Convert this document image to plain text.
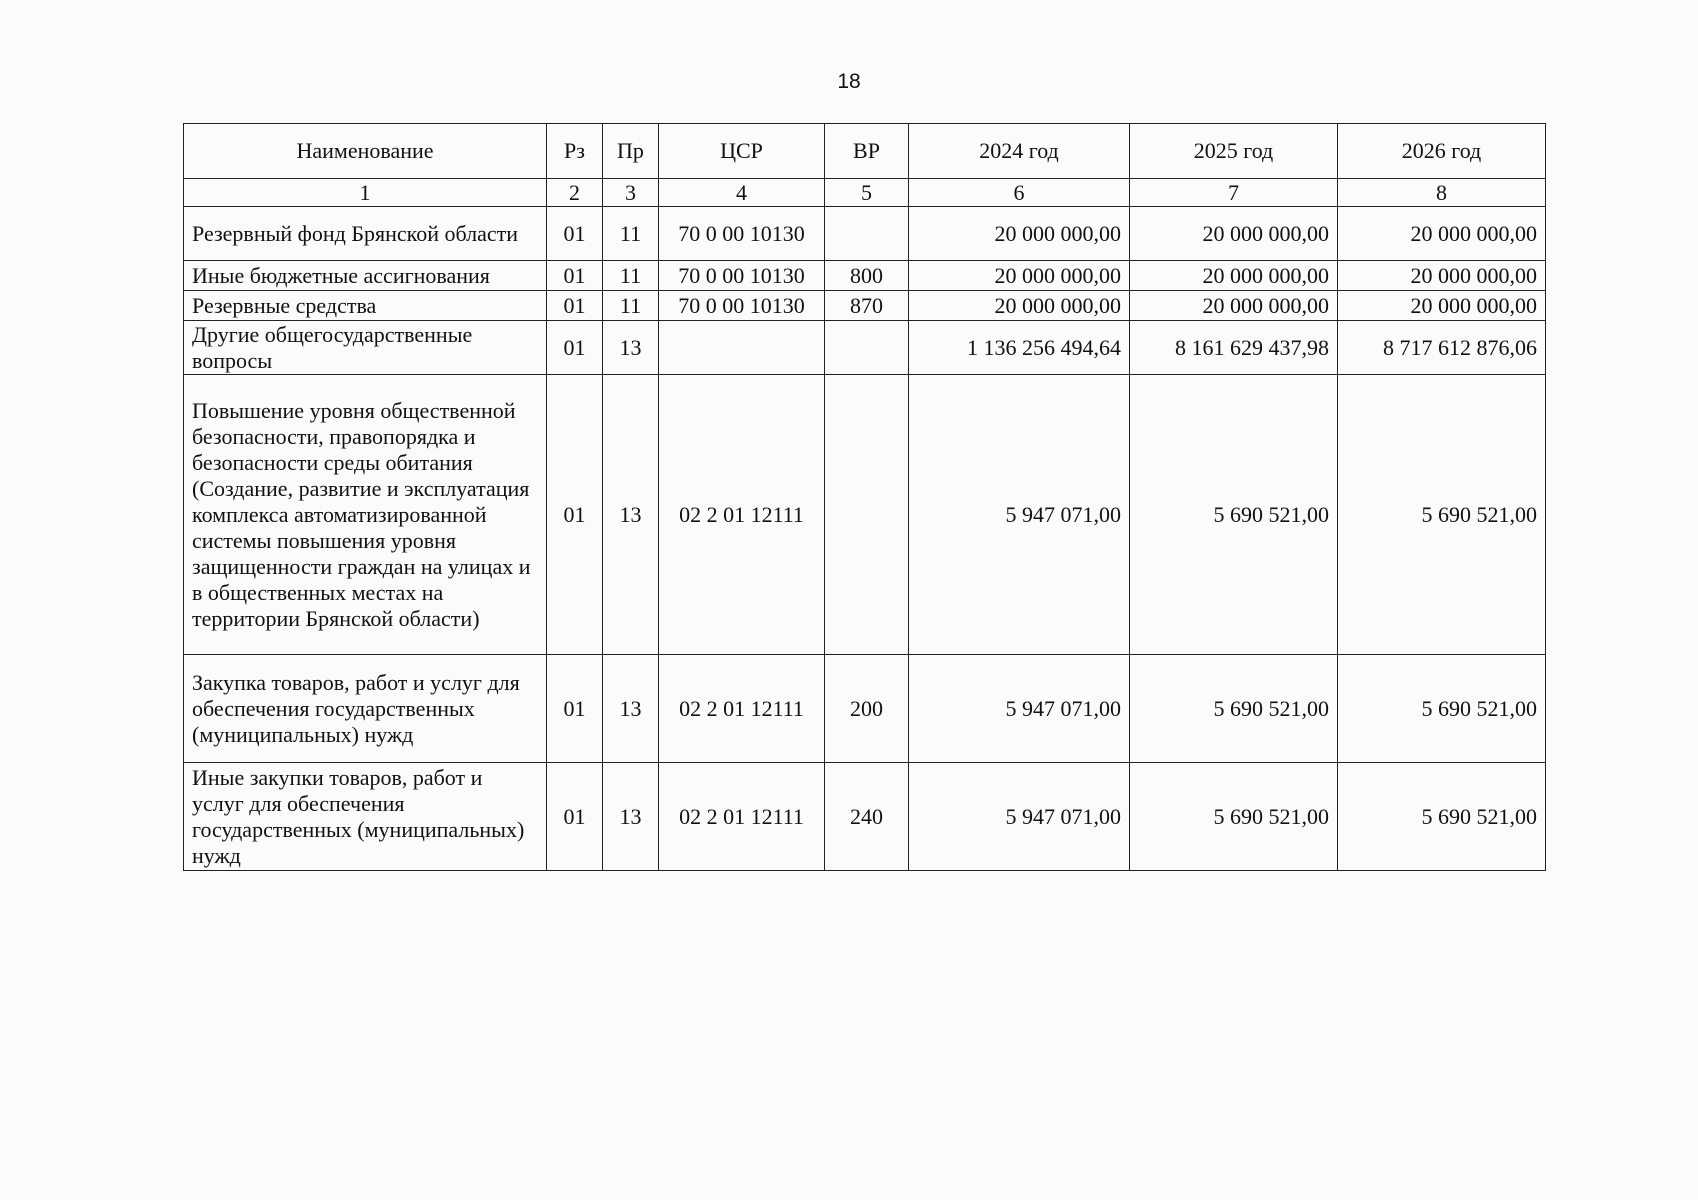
18
Наименование	Рз	Пр	ЦСР	ВР	2024 год	2025 год	2026 год
1	2	3	4	5	6	7	8
Резервный фонд Брянской области	01	11	70 0 00 10130		20 000 000,00	20 000 000,00	20 000 000,00
Иные бюджетные ассигнования	01	11	70 0 00 10130	800	20 000 000,00	20 000 000,00	20 000 000,00
Резервные средства	01	11	70 0 00 10130	870	20 000 000,00	20 000 000,00	20 000 000,00
Другие общегосударственные вопросы	01	13			1 136 256 494,64	8 161 629 437,98	8 717 612 876,06
Повышение уровня общественной безопасности, правопорядка и безопасности среды обитания (Создание, развитие и эксплуатация комплекса автоматизированной системы повышения уровня защищенности граждан на улицах и в общественных местах на территории Брянской области)	01	13	02 2 01 12111		5 947 071,00	5 690 521,00	5 690 521,00
Закупка товаров, работ и услуг для обеспечения государственных (муниципальных) нужд	01	13	02 2 01 12111	200	5 947 071,00	5 690 521,00	5 690 521,00
Иные закупки товаров, работ и услуг для обеспечения государственных (муниципальных) нужд	01	13	02 2 01 12111	240	5 947 071,00	5 690 521,00	5 690 521,00
